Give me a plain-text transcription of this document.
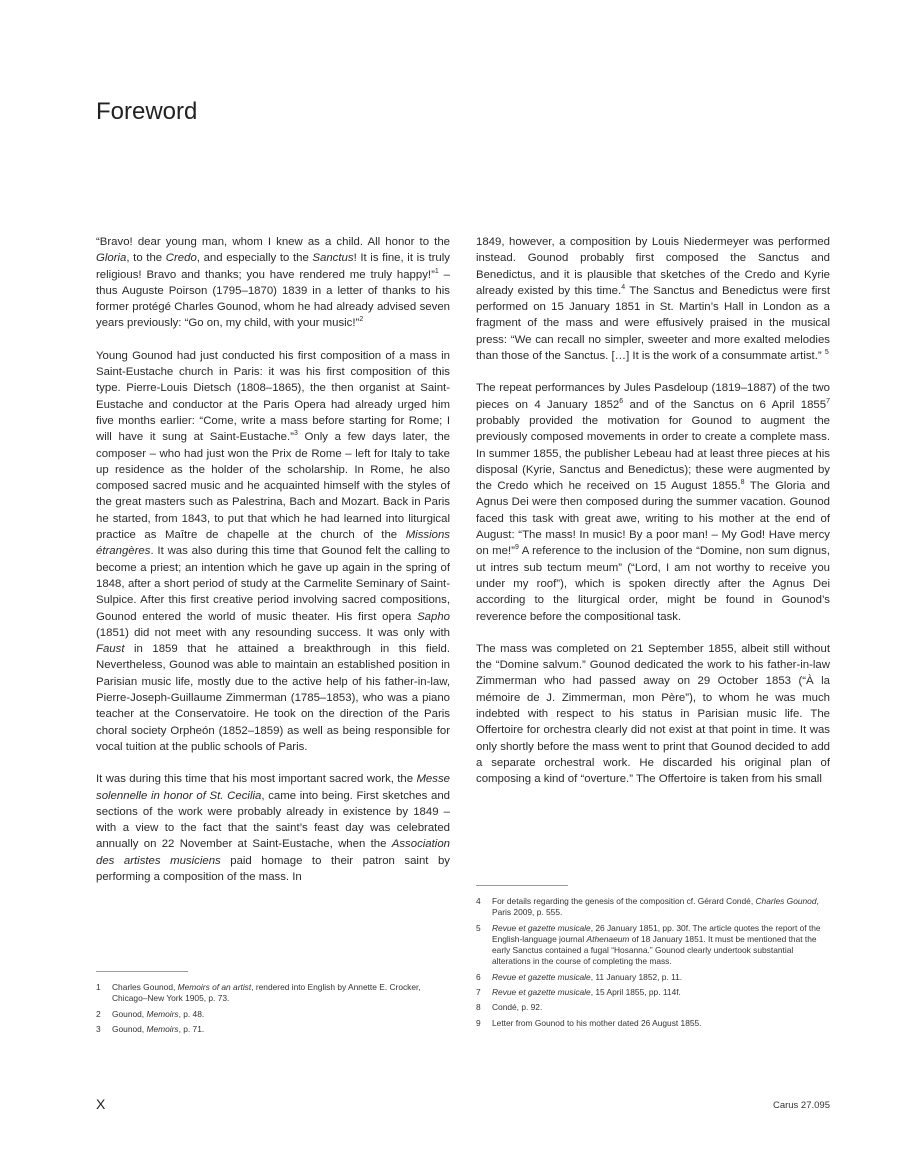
Foreword

“Bravo! dear young man, whom I knew as a child. All honor to the Gloria, to the Credo, and especially to the Sanctus! It is fine, it is truly religious! Bravo and thanks; you have rendered me truly happy!”$^1$ – thus Auguste Poirson (1795–1870) 1839 in a letter of thanks to his former protégé Charles Gounod, whom he had already advised seven years previously: “Go on, my child, with your music!”$^2$

Young Gounod had just conducted his first composition of a mass in Saint-Eustache church in Paris: it was his first composition of this type. Pierre-Louis Dietsch (1808–1865), the then organist at Saint-Eustache and conductor at the Paris Opera had already urged him five months earlier: “Come, write a mass before starting for Rome; I will have it sung at Saint-Eustache.”$^3$ Only a few days later, the composer – who had just won the Prix de Rome – left for Italy to take up residence as the holder of the scholarship. In Rome, he also composed sacred music and he acquainted himself with the styles of the great masters such as Palestrina, Bach and Mozart. Back in Paris he started, from 1843, to put that which he had learned into liturgical practice as Maître de chapelle at the church of the Missions étrangères. It was also during this time that Gounod felt the calling to become a priest; an intention which he gave up again in the spring of 1848, after a short period of study at the Carmelite Seminary of Saint-Sulpice. After this first creative period involving sacred compositions, Gounod entered the world of music theater. His first opera Sapho (1851) did not meet with any resounding success. It was only with Faust in 1859 that he attained a breakthrough in this field. Nevertheless, Gounod was able to maintain an established position in Parisian music life, mostly due to the active help of his father-in-law, Pierre-Joseph-Guillaume Zimmerman (1785–1853), who was a piano teacher at the Conservatoire. He took on the direction of the Paris choral society Orpheón (1852–1859) as well as being responsible for vocal tuition at the public schools of Paris.

It was during this time that his most important sacred work, the Messe solennelle in honor of St. Cecilia, came into being. First sketches and sections of the work were probably already in existence by 1849 – with a view to the fact that the saint’s feast day was celebrated annually on 22 November at Saint-Eustache, when the Association des artistes musiciens paid homage to their patron saint by performing a composition of the mass. In

1849, however, a composition by Louis Niedermeyer was performed instead. Gounod probably first composed the Sanctus and Benedictus, and it is plausible that sketches of the Credo and Kyrie already existed by this time.$^4$ The Sanctus and Benedictus were first performed on 15 January 1851 in St. Martin’s Hall in London as a fragment of the mass and were effusively praised in the musical press: “We can recall no simpler, sweeter and more exalted melodies than those of the Sanctus. […] It is the work of a consummate artist.” $^5$

The repeat performances by Jules Pasdeloup (1819–1887) of the two pieces on 4 January 1852$^6$ and of the Sanctus on 6 April 1855$^7$ probably provided the motivation for Gounod to augment the previously composed movements in order to create a complete mass. In summer 1855, the publisher Lebeau had at least three pieces at his disposal (Kyrie, Sanctus and Benedictus); these were augmented by the Credo which he received on 15 August 1855.$^8$ The Gloria and Agnus Dei were then composed during the summer vacation. Gounod faced this task with great awe, writing to his mother at the end of August: “The mass! In music! By a poor man! – My God! Have mercy on me!”$^9$ A reference to the inclusion of the “Domine, non sum dignus, ut intres sub tectum meum” (“Lord, I am not worthy to receive you under my roof”), which is spoken directly after the Agnus Dei according to the liturgical order, might be found in Gounod’s reverence before the compositional task.

The mass was completed on 21 September 1855, albeit still without the “Domine salvum.” Gounod dedicated the work to his father-in-law Zimmerman who had passed away on 29 October 1853 (“À la mémoire de J. Zimmerman, mon Père”), to whom he was much indebted with respect to his status in Parisian music life. The Offertoire for orchestra clearly did not exist at that point in time. It was only shortly before the mass went to print that Gounod decided to add a separate orchestral work. He discarded his original plan of composing a kind of “overture.” The Offertoire is taken from his small

1	Charles Gounod, Memoirs of an artist, rendered into English by Annette E. Crocker, Chicago–New York 1905, p. 73.
2	Gounod, Memoirs, p. 48.
3	Gounod, Memoirs, p. 71.
4	For details regarding the genesis of the composition cf. Gérard Condé, Charles Gounod, Paris 2009, p. 555.
5	Revue et gazette musicale, 26 January 1851, pp. 30f. The article quotes the report of the English-language journal Athenaeum of 18 January 1851. It must be mentioned that the early Sanctus contained a fugal “Hosanna.” Gounod clearly undertook substantial alterations in the course of completing the mass.
6	Revue et gazette musicale, 11 January 1852, p. 11.
7	Revue et gazette musicale, 15 April 1855, pp. 114f.
8	Condé, p. 92.
9	Letter from Gounod to his mother dated 26 August 1855.
X	Carus 27.095
